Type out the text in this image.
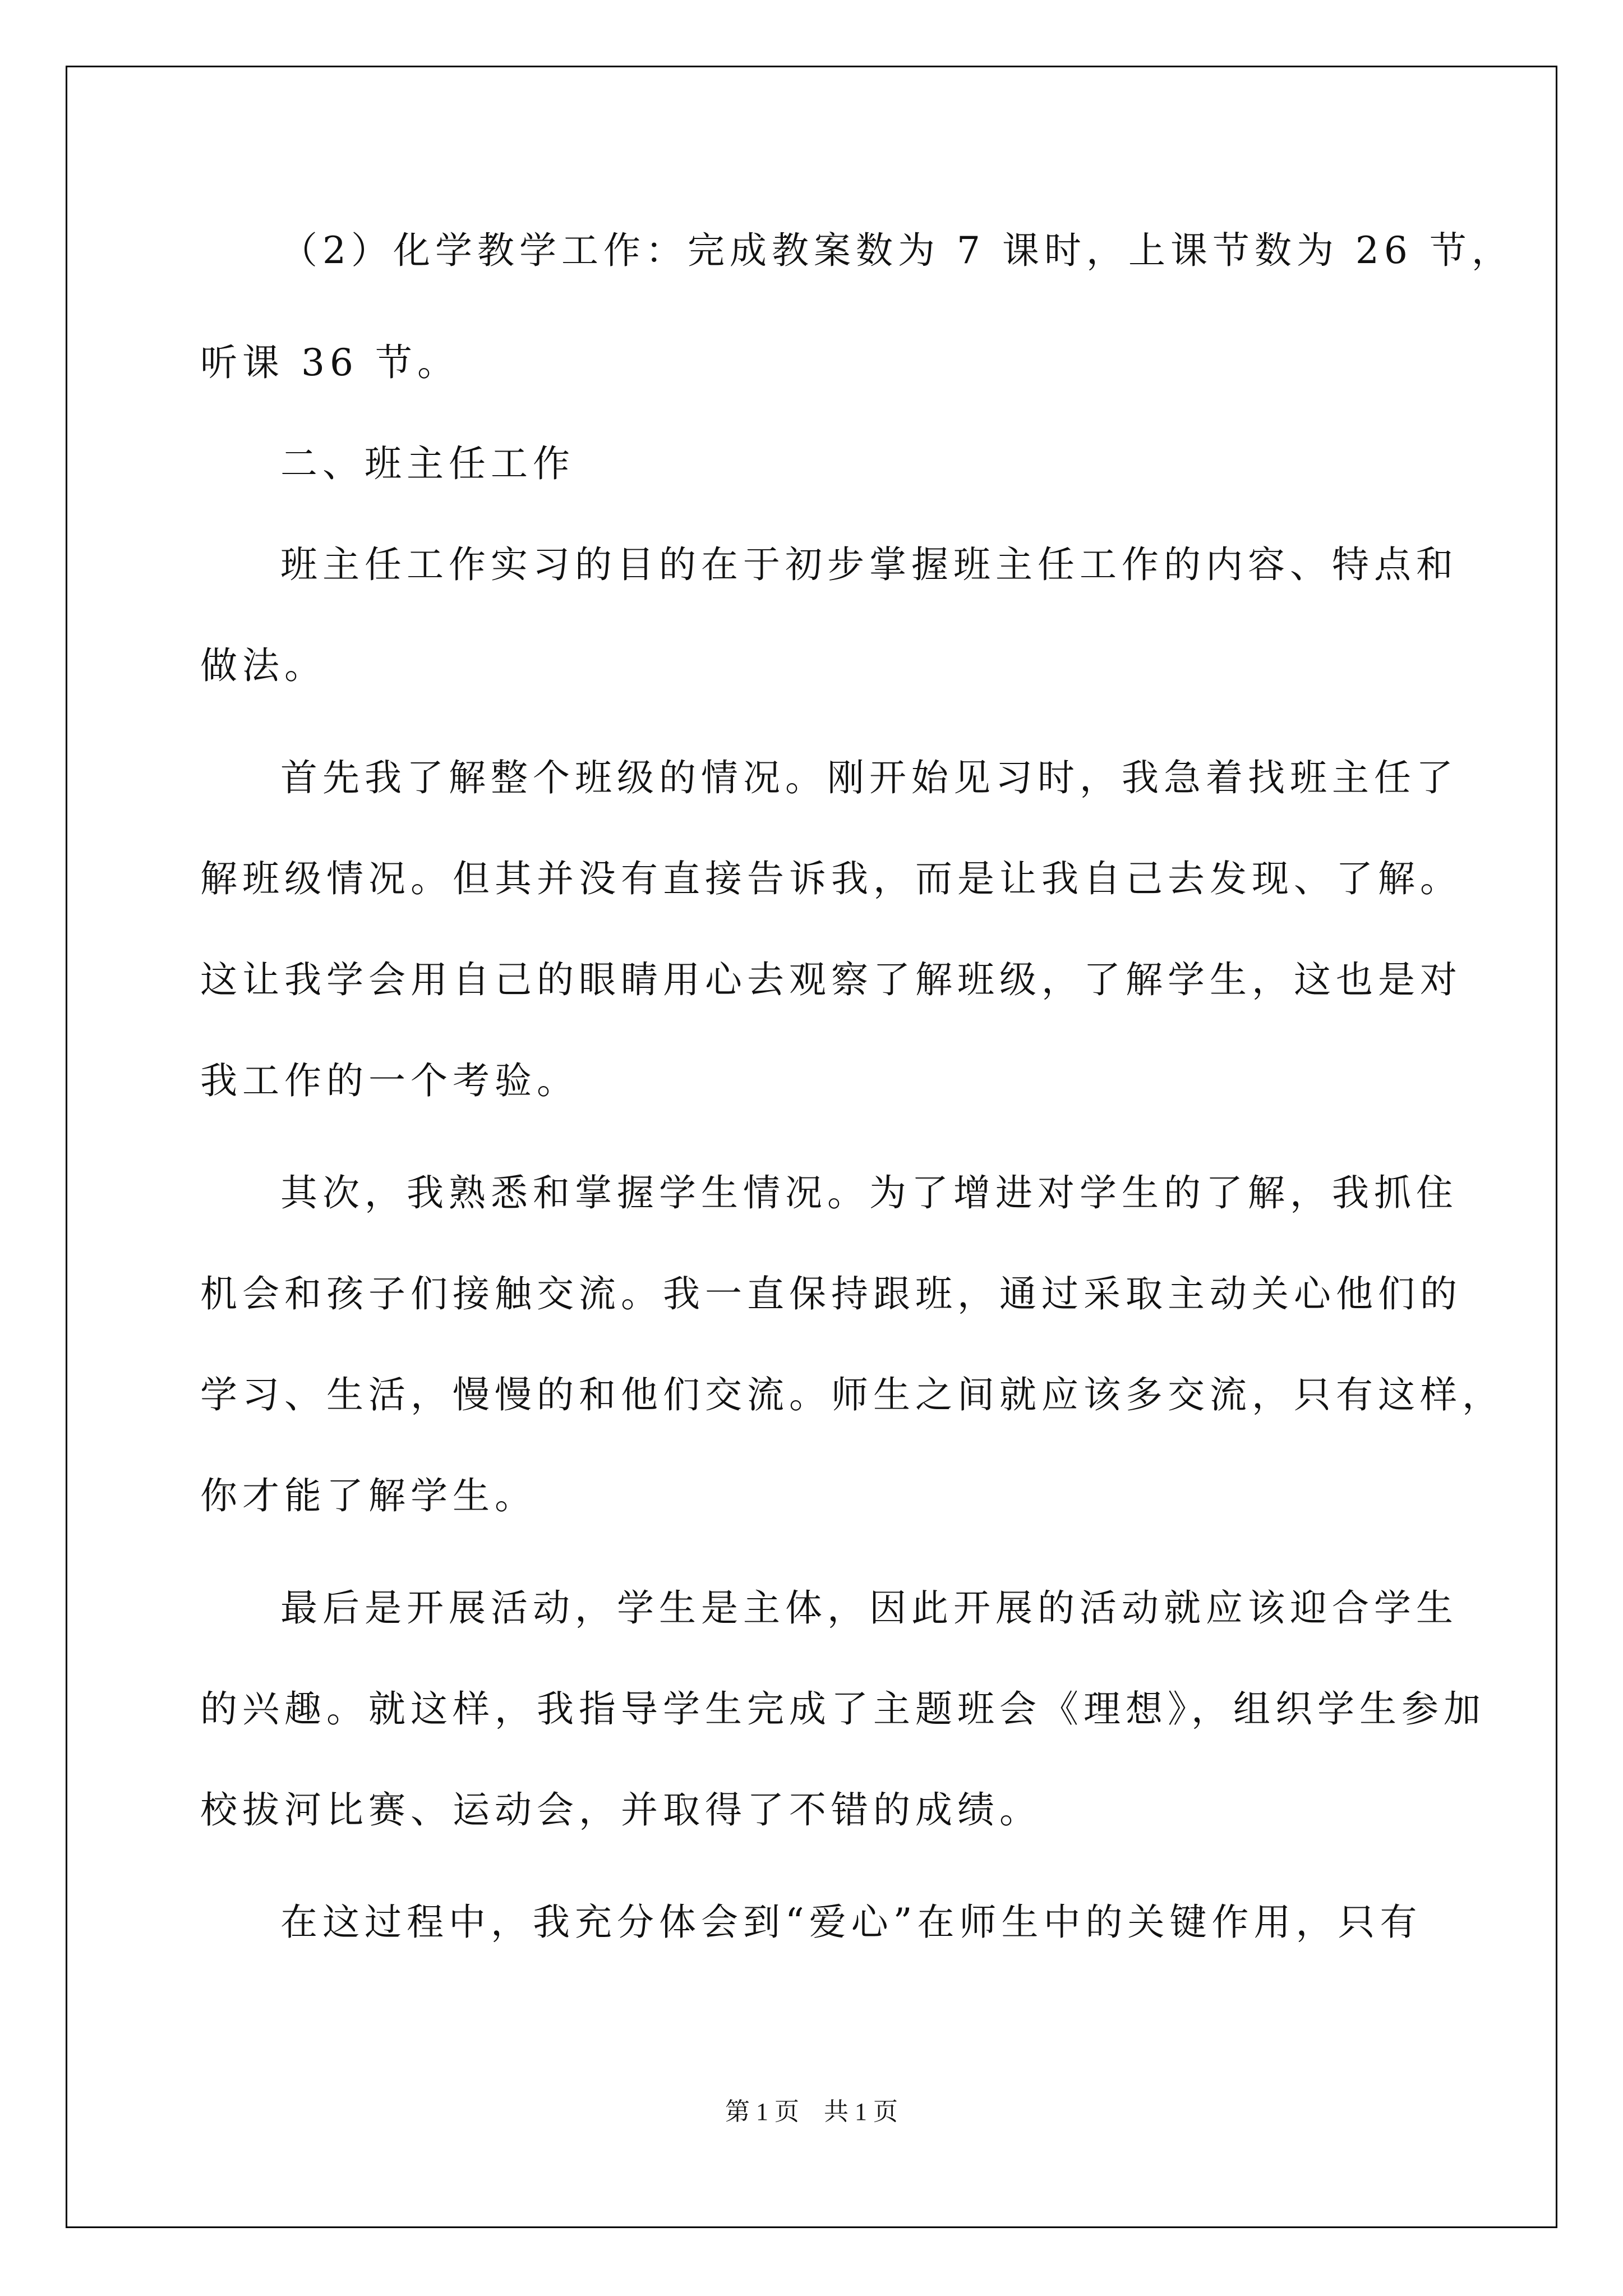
（2）化学教学工作：完成教案数为 7 课时，上课节数为 26 节，
听课 36 节。
二、班主任工作
班主任工作实习的目的在于初步掌握班主任工作的内容、特点和
做法。
首先我了解整个班级的情况。刚开始见习时，我急着找班主任了
解班级情况。但其并没有直接告诉我，而是让我自己去发现、了解。
这让我学会用自己的眼睛用心去观察了解班级，了解学生，这也是对
我工作的一个考验。
其次，我熟悉和掌握学生情况。为了增进对学生的了解，我抓住
机会和孩子们接触交流。我一直保持跟班，通过采取主动关心他们的
学习、生活，慢慢的和他们交流。师生之间就应该多交流，只有这样，
你才能了解学生。
最后是开展活动，学生是主体，因此开展的活动就应该迎合学生
的兴趣。就这样，我指导学生完成了主题班会《理想》，组织学生参加
校拔河比赛、运动会，并取得了不错的成绩。
在这过程中，我充分体会到“爱心”在师生中的关键作用，只有
第 1 页    共 1 页
